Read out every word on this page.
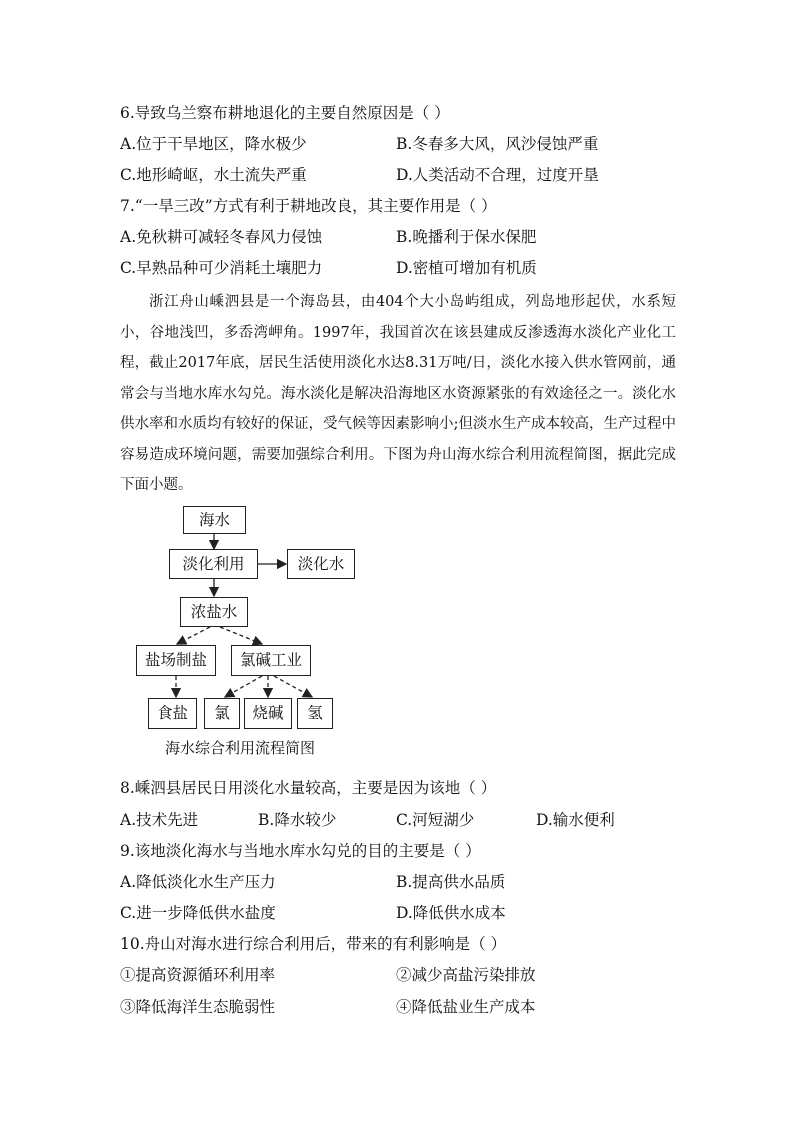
6.导致乌兰察布耕地退化的主要自然原因是（ ）
A.位于干旱地区，降水极少	B.冬春多大风，风沙侵蚀严重
C.地形崎岖，水土流失严重	D.人类活动不合理，过度开垦
7.“一旱三改”方式有利于耕地改良，其主要作用是（ ）
A.免秋耕可减轻冬春风力侵蚀	B.晚播利于保水保肥
C.早熟品种可少消耗土壤肥力	D.密植可增加有机质

浙江舟山嵊泗县是一个海岛县，由404个大小岛屿组成，列岛地形起伏，水系短小，谷地浅凹，多岙湾岬角。1997年，我国首次在该县建成反渗透海水淡化产业化工程，截止2017年底，居民生活使用淡化水达8.31万吨/日，淡化水接入供水管网前，通常会与当地水库水勾兑。海水淡化是解决沿海地区水资源紧张的有效途径之一。淡化水供水率和水质均有较好的保证，受气候等因素影响小;但淡水生产成本较高，生产过程中容易造成环境问题，需要加强综合利用。下图为舟山海水综合利用流程简图，据此完成下面小题。

海水
淡化利用	淡化水
浓盐水
盐场制盐	氯碱工业
食盐	氯	烧碱	氢
海水综合利用流程简图
8.嵊泗县居民日用淡化水量较高，主要是因为该地（ ）
A.技术先进	B.降水较少	C.河短湖少	D.输水便利
9.该地淡化海水与当地水库水勾兑的目的主要是（ ）
A.降低淡化水生产压力	B.提高供水品质
C.进一步降低供水盐度	D.降低供水成本
10.舟山对海水进行综合利用后，带来的有利影响是（ ）
①提高资源循环利用率	②减少高盐污染排放
③降低海洋生态脆弱性	④降低盐业生产成本
